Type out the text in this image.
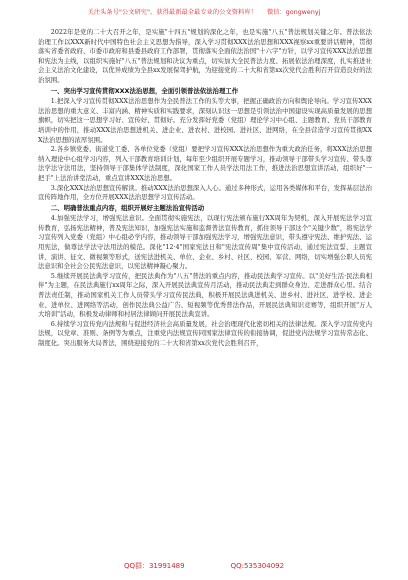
关注头条号"公文研究"，获得最新最全最专业的公文资料库！ 微信：gongwenyj

2022年是党的二十大召开之年，是实施"十四五"规划的深化之年，也是实施"八五"普法规划关键之年。普法依法治理工作以XXX新时代中国特色社会主义思想为指导，深入学习贯彻XXX法治思想和XXX视察xx重要讲话精神，贯彻落实省委省政府、市委市政府和县委县政府工作部署，贯彻落实全面依法治国"十六字"方针，以学习宣传XXX法治思想和宪法为主线，以组织实施好"八五"普法规划和决议为重点，切实加大全民普法力度、拓展依法治理深度，扎实推进社会主义法治文化建设，以优异成绩为全县xx发展保驾护航，为迎接党的二十大和省第xx次党代会胜利召开营造良好的法治氛围。

一、突出学习宣传贯彻XXX法治思想，全面引领普法依法治理工作

1.把深入学习宣传贯彻XXX法治思想作为全民普法工作的头等大事，把握正确政治方向和舆论导向。学习宣传XXX法治思想的重大意义、丰富内涵、精神实质和实践要求，深刻认识这一思想是引领法治中国建设实现高质量发展的思想旗帜，切实把这一思想学习好、宣传好、贯彻好。充分发挥好党委（党组）理论学习中心组、主题教育、党员干部教育培训中的作用，推动XXX法治思想进机关、进企业、进农村、进校园、进社区、进网络，在全县营造学习宣传贯彻XXX法治思想的浓厚氛围。

2.各乡镇党委、街道党工委、各单位党委（党组）要把学习宣传XXX法治思想作为重大政治任务，将XXX法治思想纳入理论中心组学习内容，列入干部教育培训计划，每年至少组织开展专题学习，推动领导干部带头学习宣传、带头尊法学法守法用法，坚持领导干部集体学法制度，深化国家工作人员学法用法工作，推进法治思想宣讲活动，组织好"一把手"上法治讲堂活动，重点宣讲XXX法治思想。

3.深化XXX法治思想宣传解读。推动XXX法治思想深入人心。通过多种形式，运用各类媒体和平台，发挥基层法治宣传阵地作用，全方位开展XXX法治思想学习宣传活动。

二、明确普法重点内容，组织开展好主题法治宣传活动

4.加强宪法学习，增强宪法意识。全面贯彻实施宪法，以现行宪法颁布施行XX周年为契机，深入开展宪法学习宣传教育，弘扬宪法精神，普及宪法知识，加强宪法实施和监督普法宣传教育，抓住领导干部这个"关键少数"，将宪法学习宣传列入党委（党组）中心组必学内容，推动领导干部加强宪法学习，增强宪法意识，带头遵守宪法、维护宪法、运用宪法，做尊法学法守法用法的模范。深化"12·4"国家宪法日和"宪法宣传周"集中宣传活动，通过宪法宣誓、主题宣讲、演讲、征文、微视频等形式，送宪法进机关、单位、企业、乡村、社区、校园、军营、网络，切实增强公职人员宪法意识和全社会公民宪法意识，以宪法精神凝心聚力。

5.继续开展民法典学习宣传，把民法典作为"八五"普法的重点内容，推动民法典学习宣传。以"美好生活·民法典相伴"为主题，在民法典施行xx周年之际，深入开展民法典宣传月活动，推动民法典走到群众身边、走进群众心里。结合普法责任制，推动国家机关工作人员带头学习宣传民法典，积极开展民法典进机关、进乡村、进社区、进学校、进企业、进单位、进网络等活动，创作民法典公益广告、短视频等优秀普法作品，开展民法典知识竞赛等，组织开展"万人大培训"活动，积极发动律师和村居法律顾问开展民法典宣讲。

6.持续学习宣传党内法规和与促进经济社会高质量发展，社会治理现代化密切相关的法律法规。深入学习宣传党内法规，以党章、准则、条例等为重点，注重党内法规宣传同国家法律宣传的衔接协调，促进党内法规学习宣传常态化、制度化。突出服务大局普法，围绕迎接党的二十大和省第xx次党代会胜利召开，

QQ群：31991489	QQ:535304092
